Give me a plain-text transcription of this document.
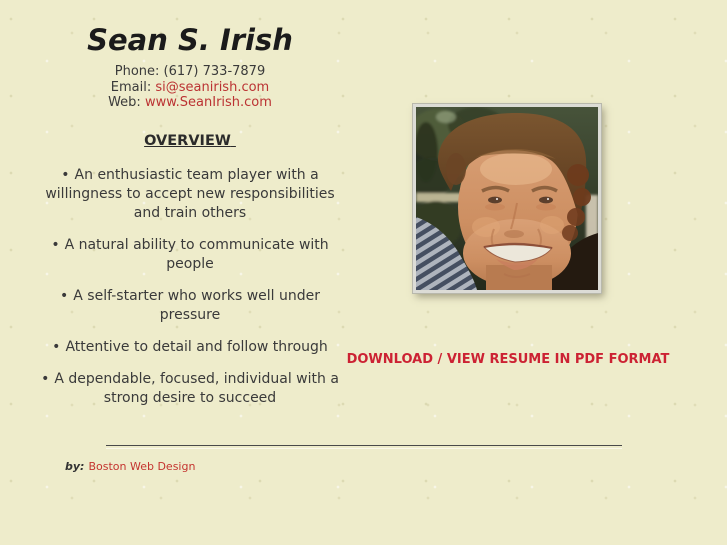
Sean S. Irish
Phone: (617) 733-7879
Email: si@seanirish.com
Web: www.SeanIrish.com
OVERVIEW

• An enthusiastic team player with a willingness to accept new responsibilities and train others

• A natural ability to communicate with people

• A self-starter who works well under pressure

• Attentive to detail and follow through

• A dependable, focused, individual with a strong desire to succeed

DOWNLOAD / VIEW RESUME IN PDF FORMAT
by: Boston Web Design
